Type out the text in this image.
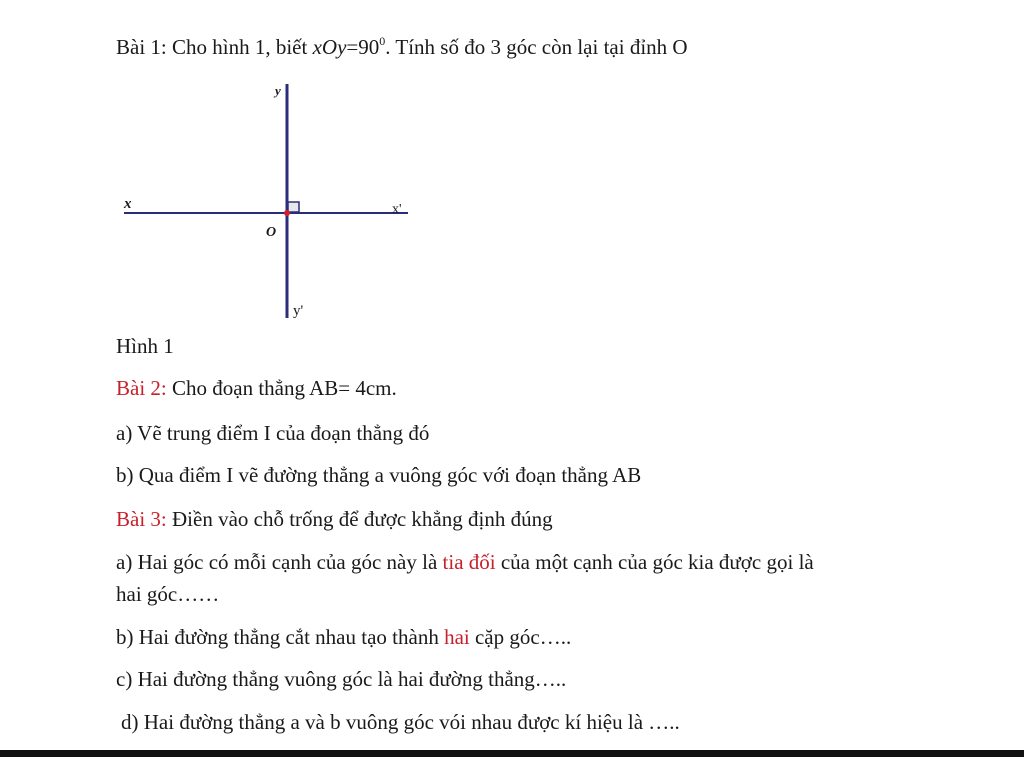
Bài 1: Cho hình 1, biết $xOy=90^0$. Tính số đo 3 góc còn lại tại đỉnh O
y
y'
x	x'
O
Hình 1
Bài 2: Cho đoạn thẳng AB= 4cm.
a) Vẽ trung điểm I của đoạn thẳng đó
b) Qua điểm I vẽ đường thẳng a vuông góc với đoạn thẳng AB
Bài 3: Điền vào chỗ trống để được khẳng định đúng
a) Hai góc có mỗi cạnh của góc này là tia đối của một cạnh của góc kia được gọi là
hai góc……
b) Hai đường thẳng cắt nhau tạo thành hai cặp góc…..
c) Hai đường thẳng vuông góc là hai đường thẳng…..
d) Hai đường thẳng a và b vuông góc vói nhau được kí hiệu là …..
